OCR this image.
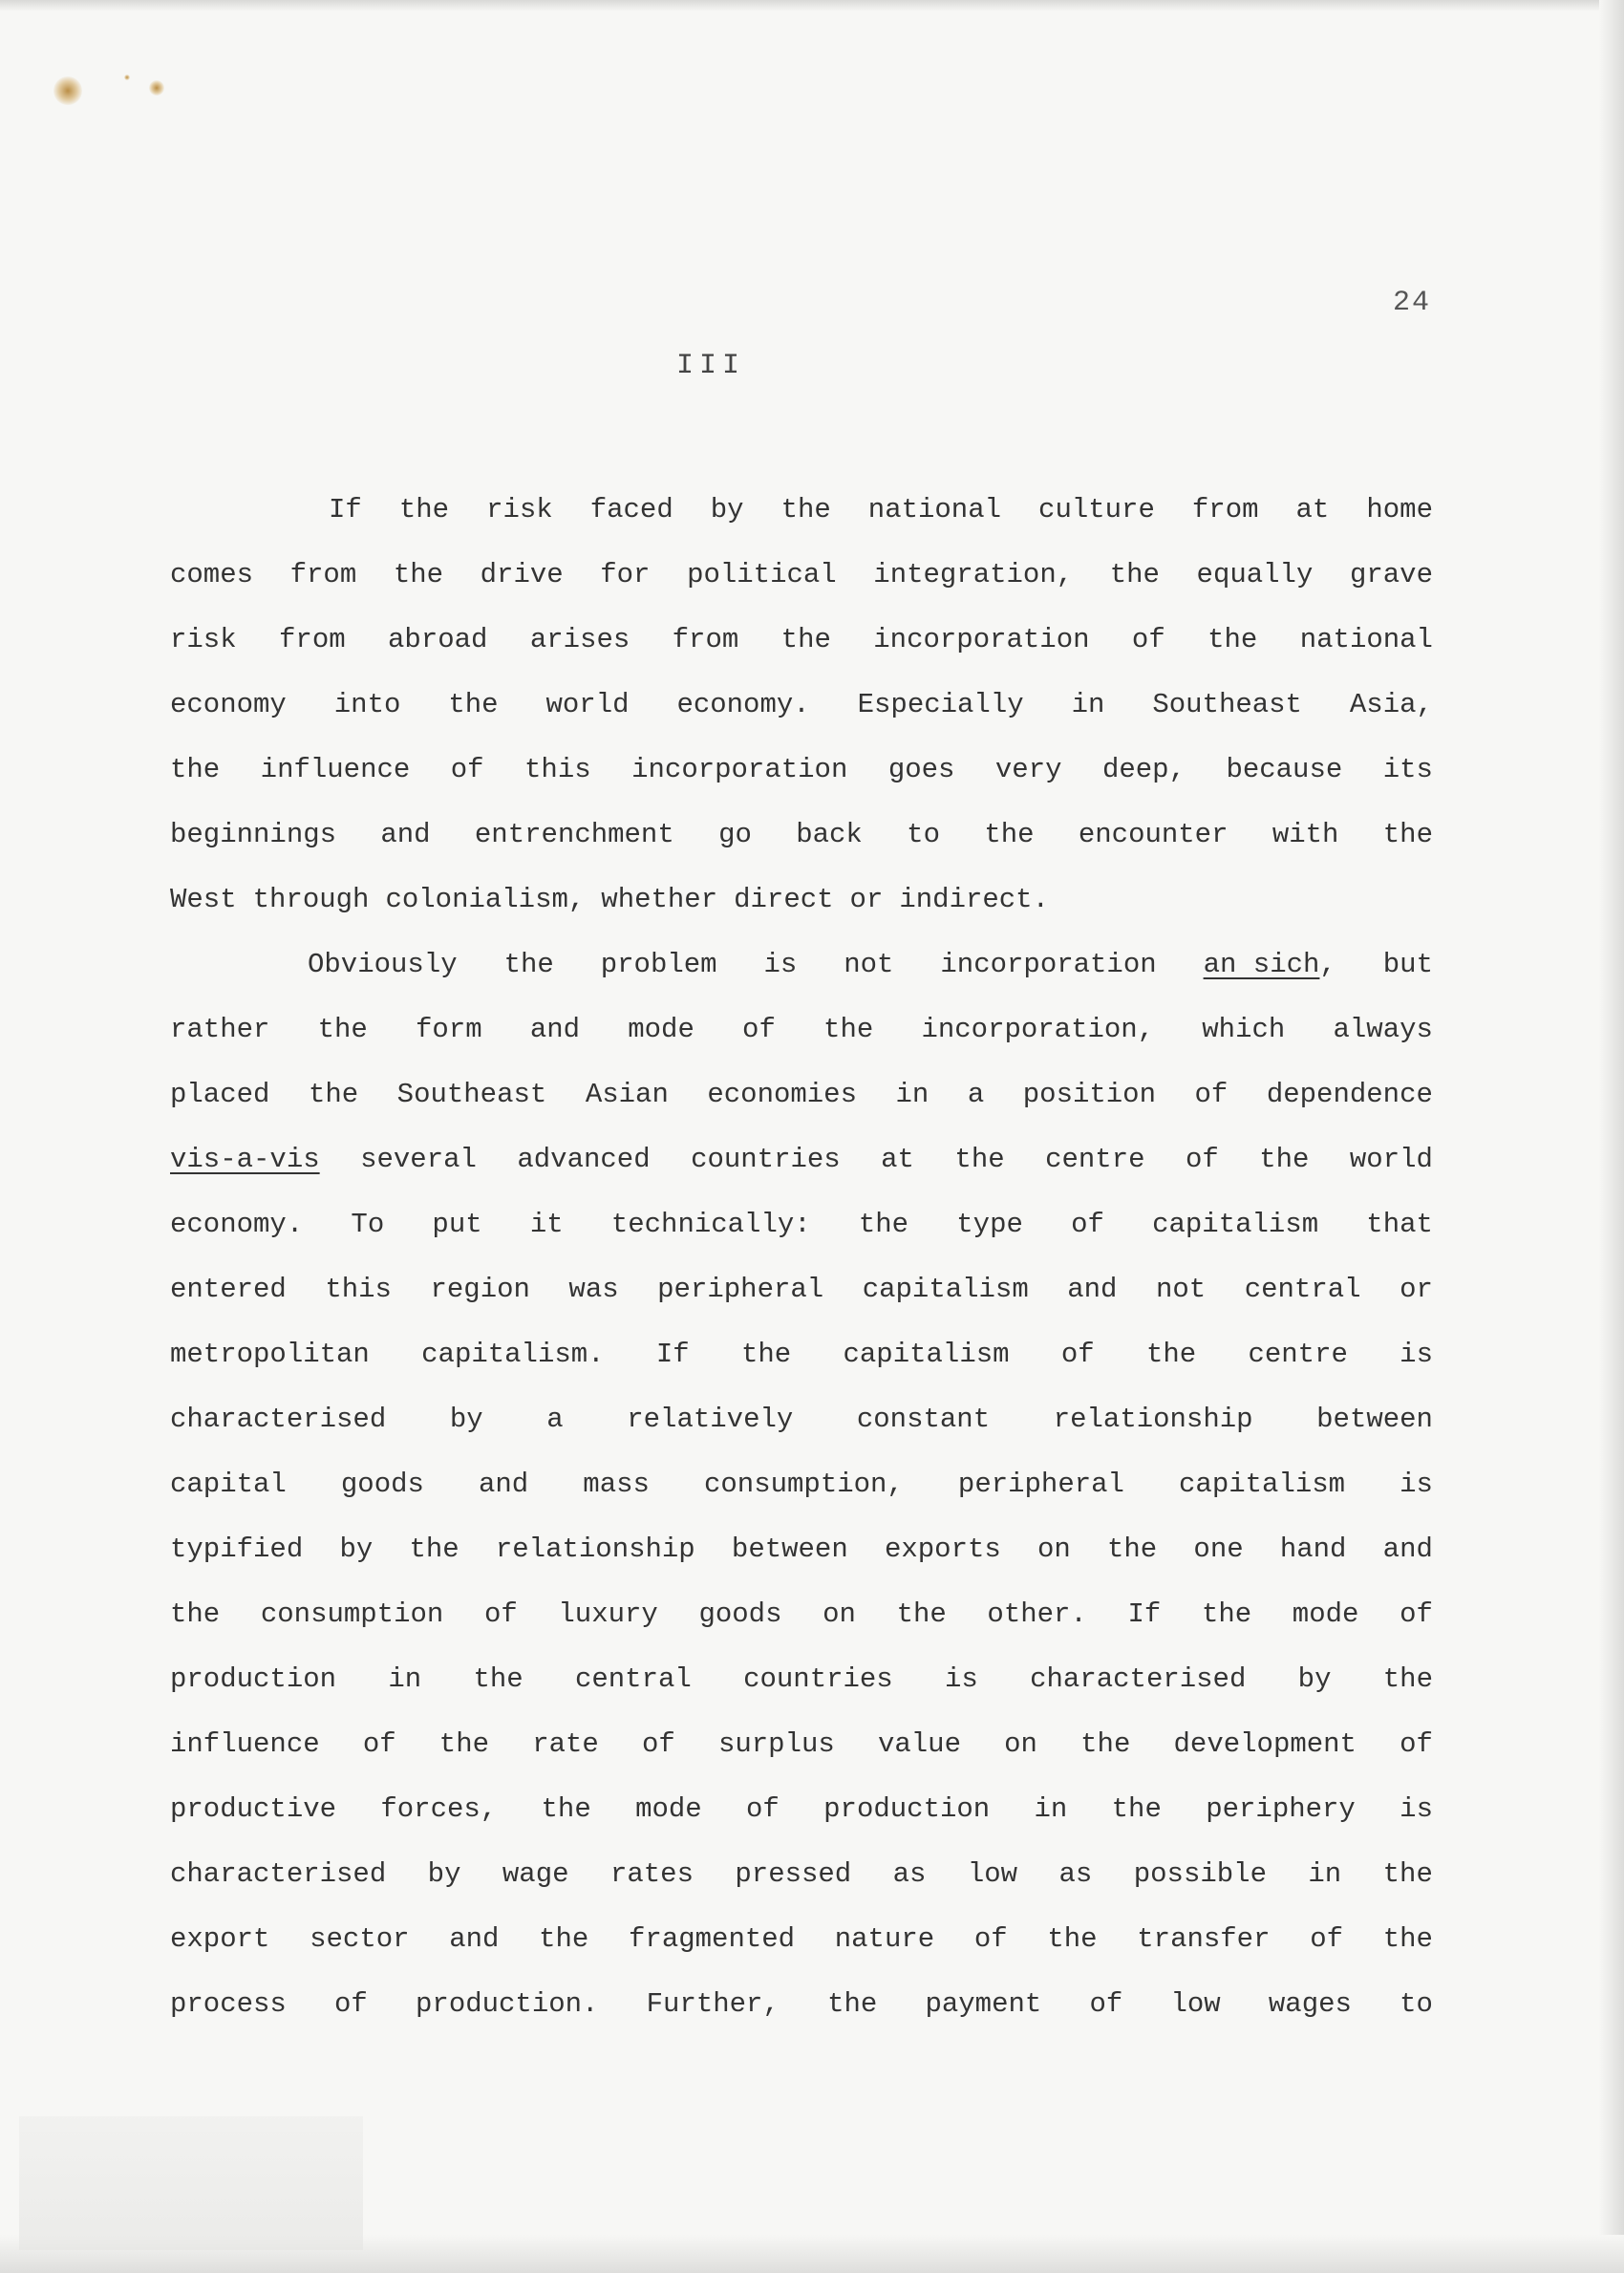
24
III
If the risk faced by the national culture from at home
comes from the drive for political integration, the equally grave
risk from abroad arises from the incorporation of the national
economy into the world economy. Especially in Southeast Asia,
the influence of this incorporation goes very deep, because its
beginnings and entrenchment go back to the encounter with the
West through colonialism, whether direct or indirect.
Obviously the problem is not incorporation an sich, but
rather the form and mode of the incorporation, which always
placed the Southeast Asian economies in a position of dependence
vis-a-vis several advanced countries at the centre of the world
economy. To put it technically: the type of capitalism that
entered this region was peripheral capitalism and not central or
metropolitan capitalism. If the capitalism of the centre is
characterised by a relatively constant relationship between
capital goods and mass consumption, peripheral capitalism is
typified by the relationship between exports on the one hand and
the consumption of luxury goods on the other. If the mode of
production in the central countries is characterised by the
influence of the rate of surplus value on the development of
productive forces, the mode of production in the periphery is
characterised by wage rates pressed as low as possible in the
export sector and the fragmented nature of the transfer of the
process of production. Further, the payment of low wages to
